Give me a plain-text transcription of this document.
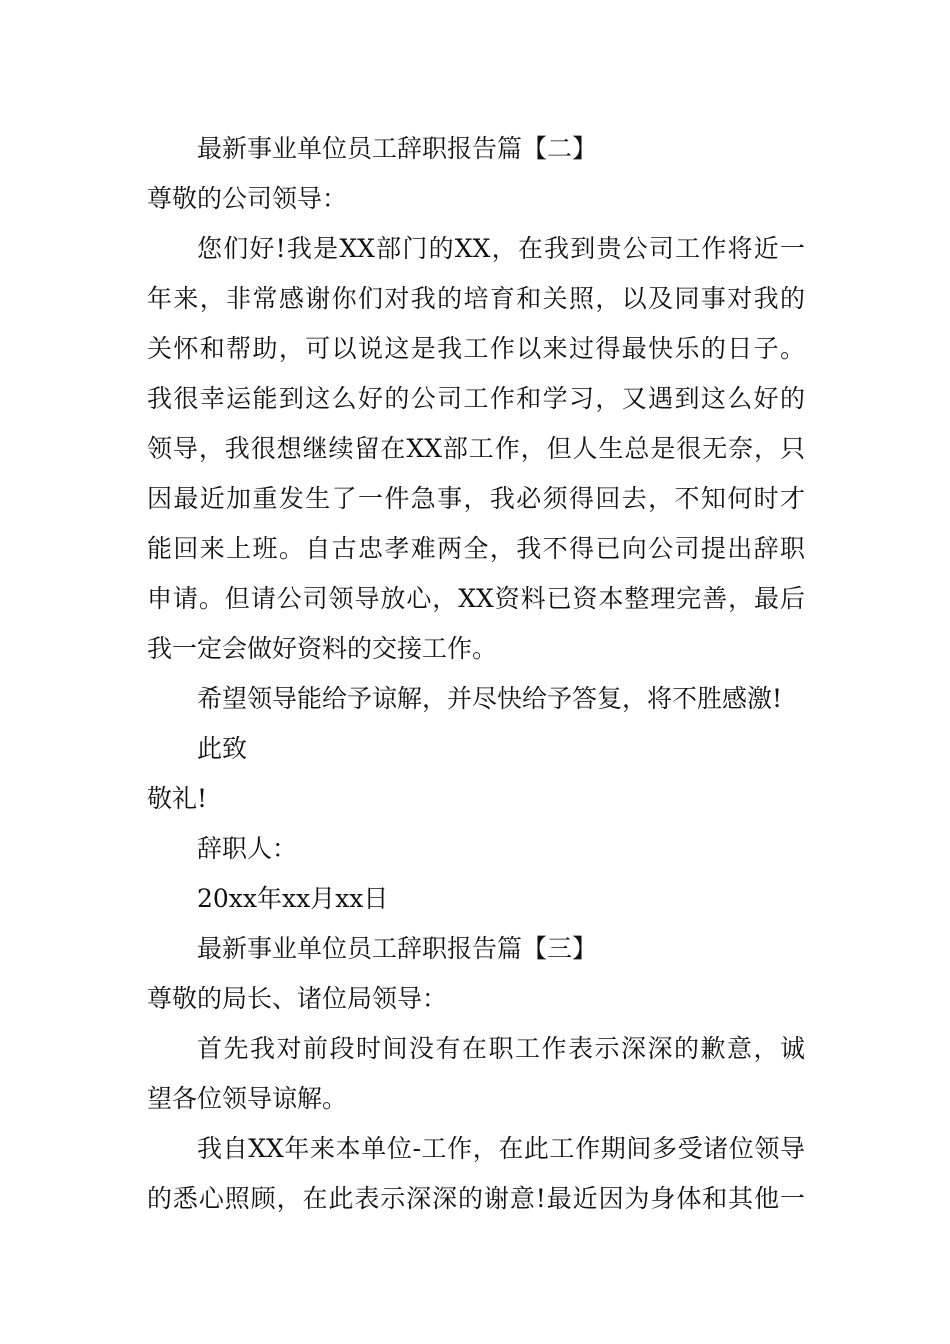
最新事业单位员工辞职报告篇【二】
尊敬的公司领导：
您们好!我是XX部门的XX，在我到贵公司工作将近一
年来，非常感谢你们对我的培育和关照，以及同事对我的
关怀和帮助，可以说这是我工作以来过得最快乐的日子。
我很幸运能到这么好的公司工作和学习，又遇到这么好的
领导，我很想继续留在XX部工作，但人生总是很无奈，只
因最近加重发生了一件急事，我必须得回去，不知何时才
能回来上班。自古忠孝难两全，我不得已向公司提出辞职
申请。但请公司领导放心，XX资料已资本整理完善，最后
我一定会做好资料的交接工作。
希望领导能给予谅解，并尽快给予答复，将不胜感激!
此致
敬礼!
辞职人：
20xx年xx月xx日
最新事业单位员工辞职报告篇【三】
尊敬的局长、诸位局领导：
首先我对前段时间没有在职工作表示深深的歉意，诚
望各位领导谅解。
我自XX年来本单位-工作，在此工作期间多受诸位领导
的悉心照顾，在此表示深深的谢意!最近因为身体和其他一
